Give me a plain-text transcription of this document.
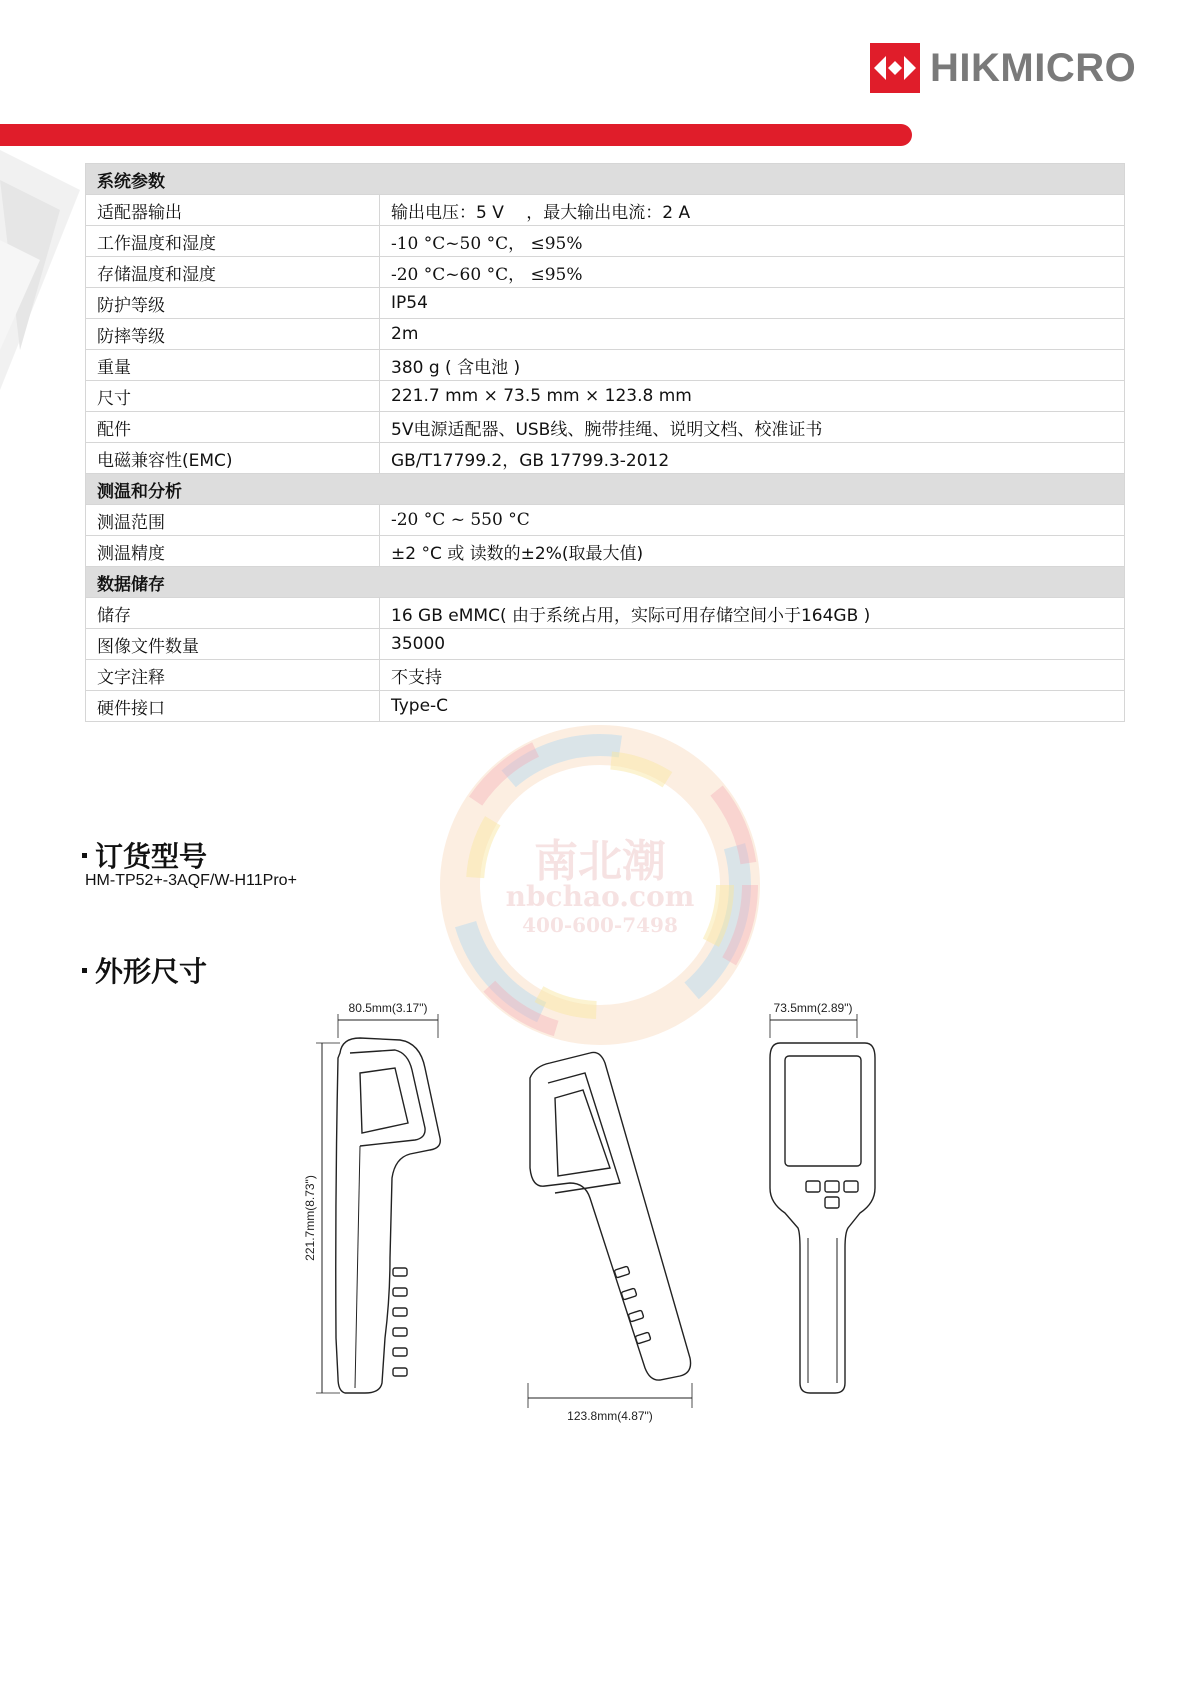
HIKMICRO
南北潮
nbchao.com
400-600-7498
系统参数	
适配器输出	输出电压：5 V　 ，最大输出电流：2 A
工作温度和湿度	-10 °C~50 °C， ≤95%
存储温度和湿度	-20 °C~60 °C， ≤95%
防护等级	IP54
防摔等级	2m
重量	380 g ( 含电池 )
尺寸	221.7 mm × 73.5 mm × 123.8 mm
配件	5V电源适配器、USB线、腕带挂绳、说明文档、校准证书
电磁兼容性(EMC)	GB/T17799.2，GB 17799.3-2012
测温和分析	
测温范围	-20 °C ~ 550 °C
测温精度	±2 °C 或 读数的±2%(取最大值)
数据储存	
储存	16 GB eMMC( 由于系统占用，实际可用存储空间小于164GB )
图像文件数量	35000
文字注释	不支持
硬件接口	Type-C
订货型号
HM-TP52+-3AQF/W-H11Pro+
外形尺寸
80.5mm(3.17")
221.7mm(8.73")
123.8mm(4.87")
73.5mm(2.89")
